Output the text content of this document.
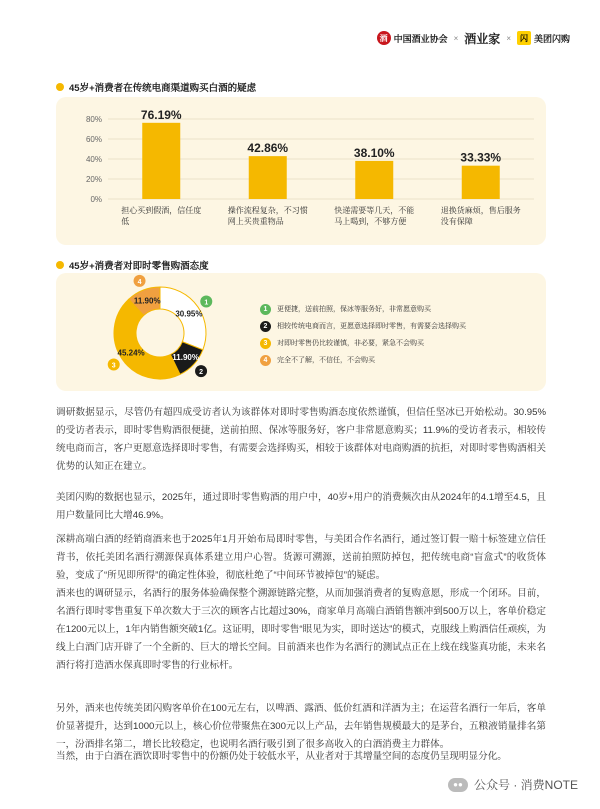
酒 中国酒业协会 × 酒业家 ×	闪 美团闪购
45岁+消费者在传统电商渠道购买白酒的疑虑
0%
20%
40%
60%
80%	76.19%
42.86%	38.10%	33.33%
担心买到假酒，信任度低
操作流程复杂，不习惯网上买贵重物品
快递需要等几天，不能马上喝到，不够方便
退换货麻烦，售后服务没有保障
45岁+消费者对即时零售购酒态度
30.95%
1
11.90%
2
45.24%
3
11.90%
4
1	更便捷，送前拍照，保冰等服务好，非常愿意购买
2	相较传统电商而言，更愿意选择即时零售，有需要会选择购买
3	对即时零售仍比较谨慎，非必要，紧急不会购买
4	完全不了解，不信任，不会购买

调研数据显示，尽管仍有超四成受访者认为该群体对即时零售购酒态度依然谨慎，但信任坚冰已开始松动。30.95%的受访者表示，即时零售购酒很便捷，送前拍照、保冰等服务好，客户非常愿意购买；11.9%的受访者表示，相较传统电商而言，客户更愿意选择即时零售，有需要会选择购买，相较于该群体对电商购酒的抗拒，对即时零售购酒相关优势的认知正在建立。

美团闪购的数据也显示，2025年，通过即时零售购酒的用户中，40岁+用户的消费频次由从2024年的4.1增至4.5，且用户数量同比大增46.9%。

深耕高端白酒的经销商酒来也于2025年1月开始布局即时零售，与美团合作名酒行，通过签订假一赔十标签建立信任背书，依托美团名酒行溯源保真体系建立用户心智。货源可溯源，送前拍照防掉包，把传统电商“盲盒式”的收货体验，变成了“所见即所得”的确定性体验，彻底杜绝了“中间环节被掉包”的疑虑。

酒来也的调研显示，名酒行的服务体验确保整个溯源链路完整，从而加强消费者的复购意愿，形成一个闭环。目前，名酒行即时零售重复下单次数大于三次的顾客占比超过30%，商家单月高端白酒销售额冲到500万以上，客单价稳定在1200元以上，1年内销售额突破1亿。这证明，即时零售“眼见为实，即时送达”的模式，克服线上购酒信任顽疾，为线上白酒门店开辟了一个全新的、巨大的增长空间。目前酒来也作为名酒行的测试点正在上线在线鉴真功能，未来名酒行将打造酒水保真即时零售的行业标杆。

另外，酒来也传统美团闪购客单价在100元左右，以啤酒、露酒、低价红酒和洋酒为主；在运营名酒行一年后，客单价显著提升，达到1000元以上，核心价位带聚焦在300元以上产品，去年销售规模最大的是茅台，五粮液销量排名第一，汾酒排名第二，增长比较稳定，也说明名酒行吸引到了很多高收入的白酒消费主力群体。

当然，由于白酒在酒饮即时零售中的份额仍处于较低水平，从业者对于其增量空间的态度仍呈现明显分化。

●● 公众号 · 消费NOTE
